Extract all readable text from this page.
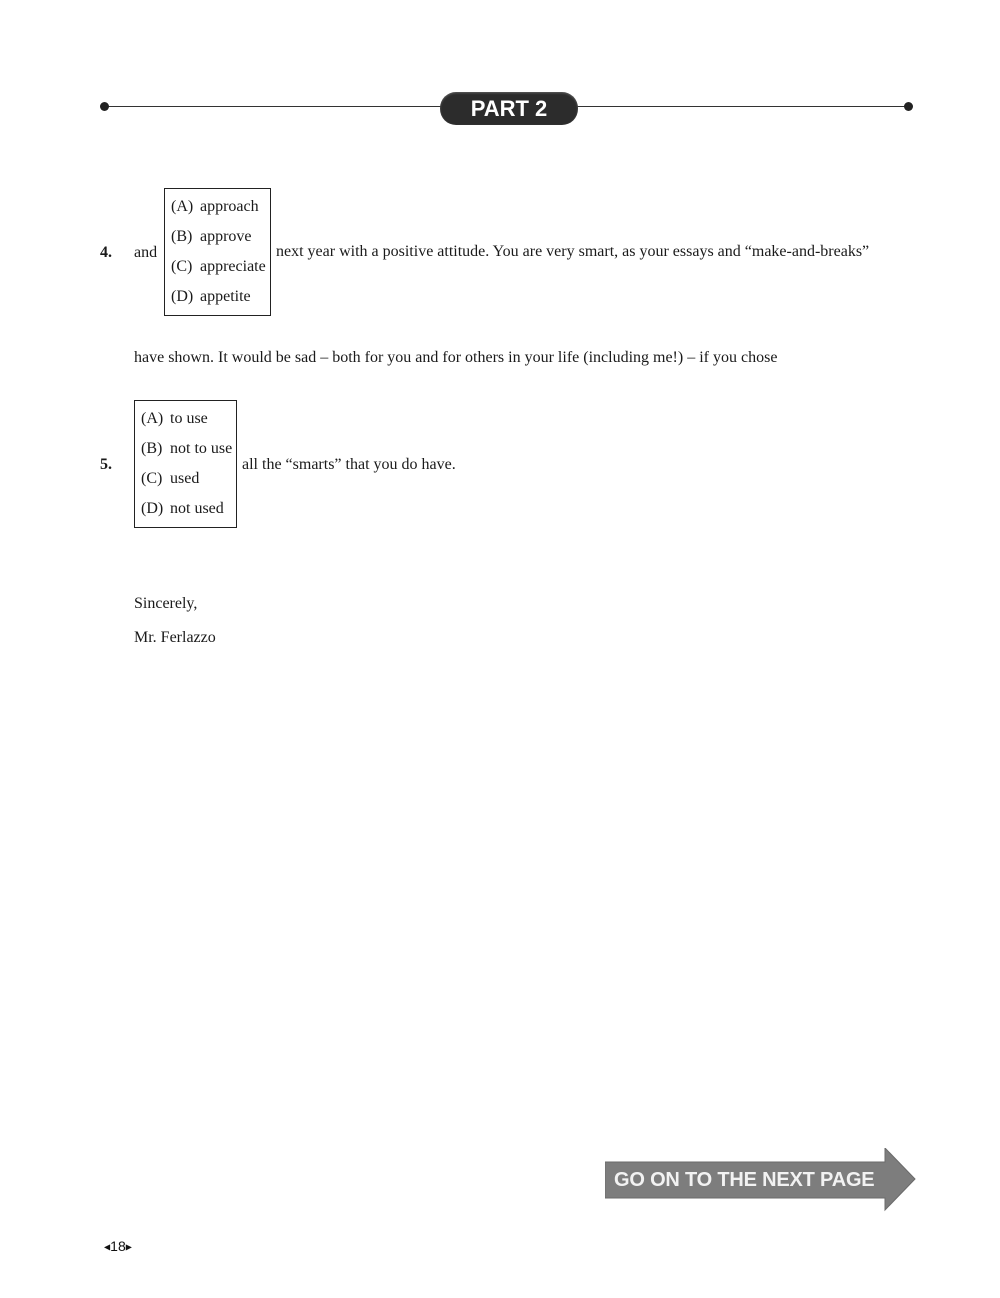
PART 2
4. and
(A) approach
(B) approve
(C) appreciate
(D) appetite
next year with a positive attitude. You are very smart, as your essays and “make-and-breaks”
have shown. It would be sad – both for you and for others in your life (including me!) – if you chose
5.
(A) to use
(B) not to use
(C) used
(D) not used
all the “smarts” that you do have.
Sincerely,
Mr. Ferlazzo
GO ON TO THE NEXT PAGE
◀18▶
